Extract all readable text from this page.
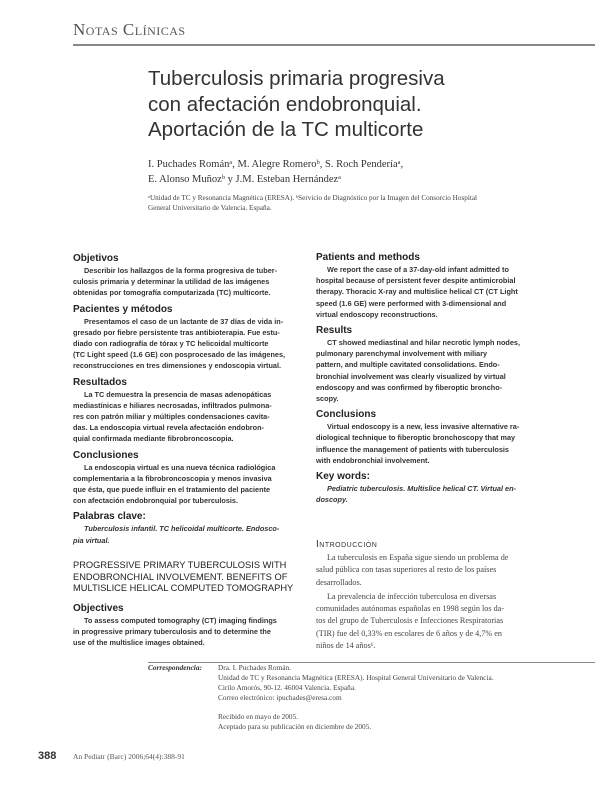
Notas Clínicas
Tuberculosis primaria progresiva
con afectación endobronquial.
Aportación de la TC multicorte
I. Puchades Románᵃ, M. Alegre Romeroᵇ, S. Roch Penderíaᵃ,
E. Alonso Muñozᵇ y J.M. Esteban Hernándezᵃ
ᵃUnidad de TC y Resonancia Magnética (ERESA). ᵇServicio de Diagnóstico por la Imagen del Consorcio Hospital
General Universitario de Valencia. España.
Objetivos
Describir los hallazgos de la forma progresiva de tuber-
culosis primaria y determinar la utilidad de las imágenes
obtenidas por tomografía computarizada (TC) multicorte.
Pacientes y métodos
Presentamos el caso de un lactante de 37 días de vida in-
gresado por fiebre persistente tras antibioterapia. Fue estu-
diado con radiografía de tórax y TC helicoidal multicorte
(TC Light speed (1.6 GE) con posprocesado de las imágenes,
reconstrucciones en tres dimensiones y endoscopia virtual.
Resultados
La TC demuestra la presencia de masas adenopáticas
mediastínicas e hiliares necrosadas, infiltrados pulmona-
res con patrón miliar y múltiples condensaciones cavita-
das. La endoscopia virtual revela afectación endobron-
quial confirmada mediante fibrobroncoscopia.
Conclusiones
La endoscopia virtual es una nueva técnica radiológica
complementaria a la fibrobroncoscopia y menos invasiva
que ésta, que puede influir en el tratamiento del paciente
con afectación endobronquial por tuberculosis.
Palabras clave:
Tuberculosis infantil. TC helicoidal multicorte. Endosco-
pia virtual.
PROGRESSIVE PRIMARY TUBERCULOSIS WITH
ENDOBRONCHIAL INVOLVEMENT. BENEFITS OF
MULTISLICE HELICAL COMPUTED TOMOGRAPHY
Objectives
To assess computed tomography (CT) imaging findings
in progressive primary tuberculosis and to determine the
use of the multislice images obtained.
Patients and methods
We report the case of a 37-day-old infant admitted to
hospital because of persistent fever despite antimicrobial
therapy. Thoracic X-ray and multislice helical CT (CT Light
speed (1.6 GE) were performed with 3-dimensional and
virtual endoscopy reconstructions.
Results
CT showed mediastinal and hilar necrotic lymph nodes,
pulmonary parenchymal involvement with miliary
pattern, and multiple cavitated consolidations. Endo-
bronchial involvement was clearly visualized by virtual
endoscopy and was confirmed by fiberoptic broncho-
scopy.
Conclusions
Virtual endoscopy is a new, less invasive alternative ra-
diological technique to fiberoptic bronchoscopy that may
influence the management of patients with tuberculosis
with endobronchial involvement.
Key words:
Pediatric tuberculosis. Multislice helical CT. Virtual en-
doscopy.
Introducción
La tuberculosis en España sigue siendo un problema de
salud pública con tasas superiores al resto de los países
desarrollados.
La prevalencia de infección tuberculosa en diversas
comunidades autónomas españolas en 1998 según los da-
tos del grupo de Tuberculosis e Infecciones Respiratorias
(TIR) fue del 0,33% en escolares de 6 años y de 4,7% en
niños de 14 años¹.
Correspondencia: Dra. I. Puchades Román.
Unidad de TC y Resonancia Magnética (ERESA). Hospital General Universitario de Valencia.
Cirilo Amorós, 90-12. 46004 Valencia. España.
Correo electrónico: ipuchades@eresa.com
Recibido en mayo de 2005.
Aceptado para su publicación en diciembre de 2005.
388 An Pediatr (Barc) 2006;64(4):388-91
